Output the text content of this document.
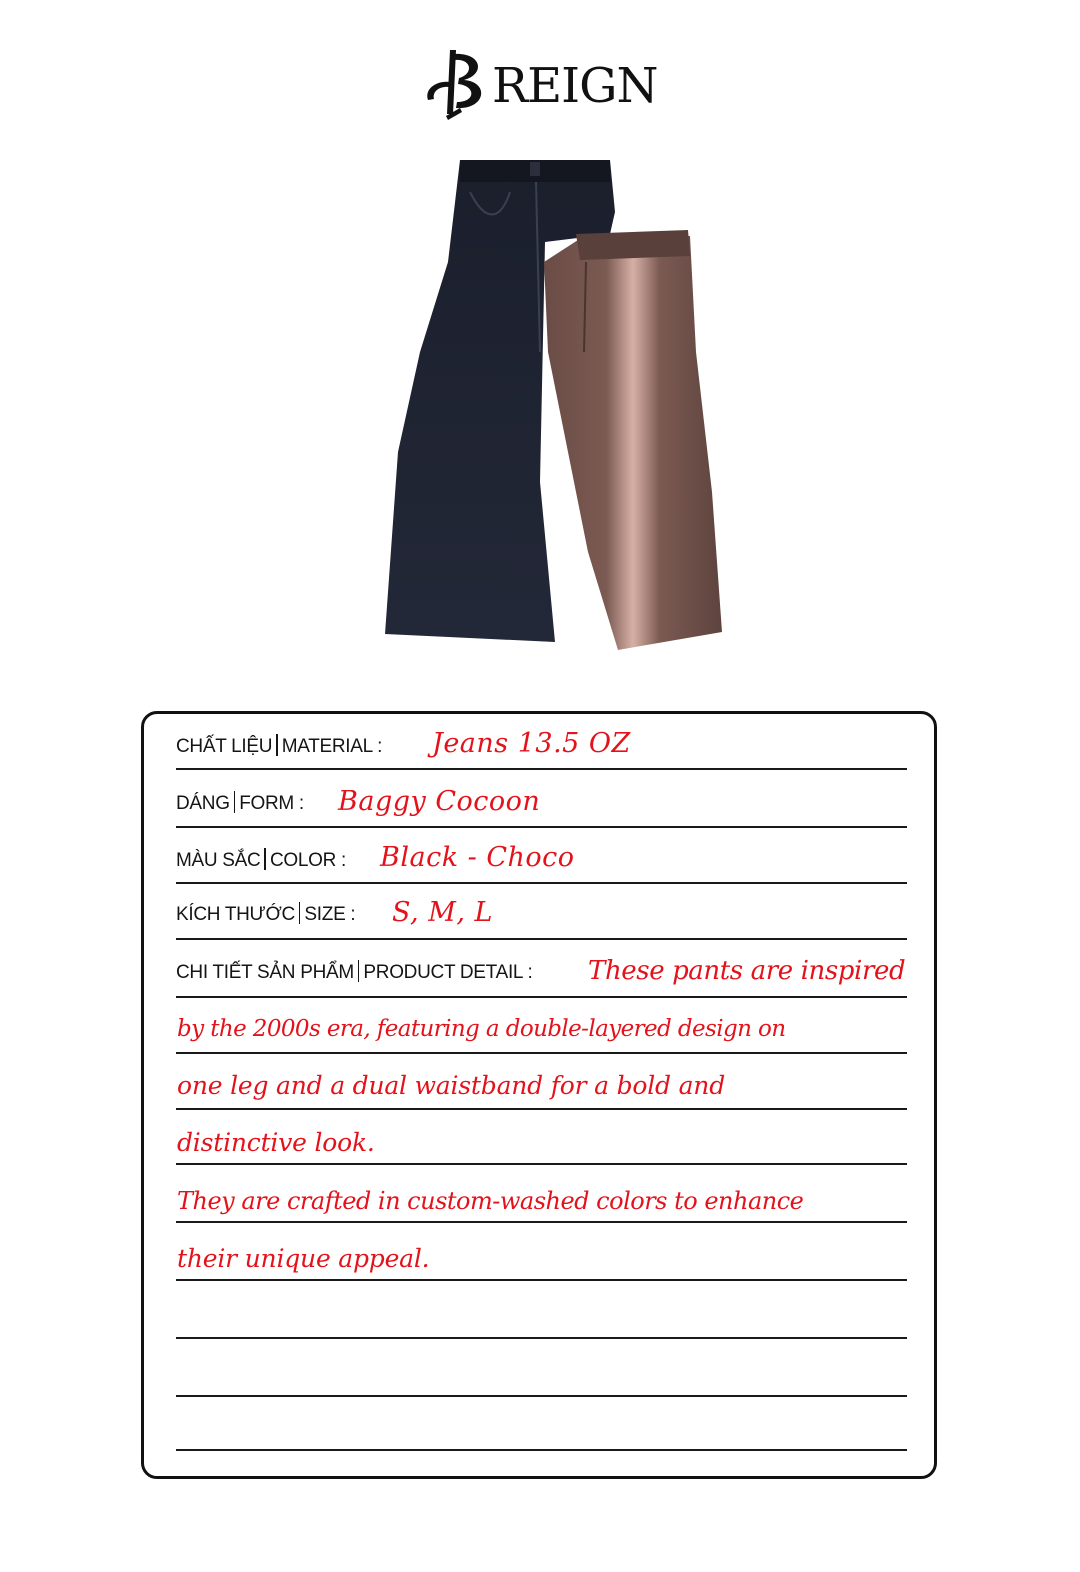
REIGN
CHẤT LIỆU MATERIAL : Jeans 13.5 OZ
DÁNG FORM : Baggy Cocoon
MÀU SẮC COLOR : Black - Choco
KÍCH THƯỚC SIZE : S, M, L
CHI TIẾT SẢN PHẨM PRODUCT DETAIL : These pants are inspired
by the 2000s era, featuring a double-layered design on
one leg and a dual waistband for a bold and
distinctive look.
They are crafted in custom-washed colors to enhance
their unique appeal.
